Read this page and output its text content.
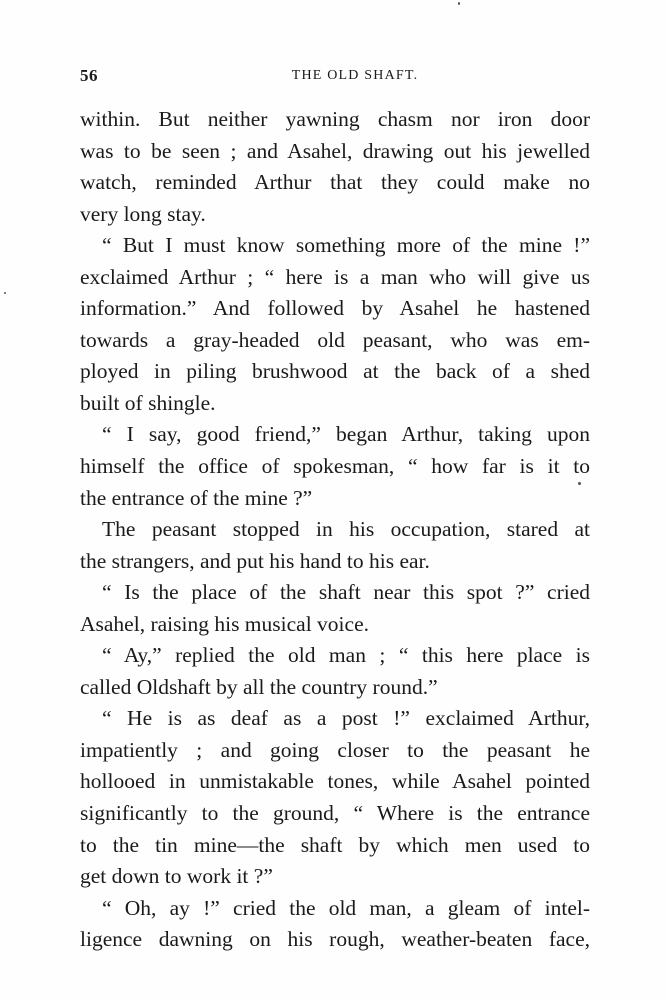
56	THE OLD SHAFT.
within. But neither yawning chasm nor iron door
was to be seen ; and Asahel, drawing out his jewelled
watch, reminded Arthur that they could make no
very long stay.
“ But I must know something more of the mine !”
exclaimed Arthur ; “ here is a man who will give us
information.” And followed by Asahel he hastened
towards a gray-headed old peasant, who was em-
ployed in piling brushwood at the back of a shed
built of shingle.
“ I say, good friend,” began Arthur, taking upon
himself the office of spokesman, “ how far is it to
the entrance of the mine ?”
The peasant stopped in his occupation, stared at
the strangers, and put his hand to his ear.
“ Is the place of the shaft near this spot ?” cried
Asahel, raising his musical voice.
“ Ay,” replied the old man ; “ this here place is
called Oldshaft by all the country round.”
“ He is as deaf as a post !” exclaimed Arthur,
impatiently ; and going closer to the peasant he
hollooed in unmistakable tones, while Asahel pointed
significantly to the ground, “ Where is the entrance
to the tin mine—the shaft by which men used to
get down to work it ?”
“ Oh, ay !” cried the old man, a gleam of intel-
ligence dawning on his rough, weather-beaten face,
